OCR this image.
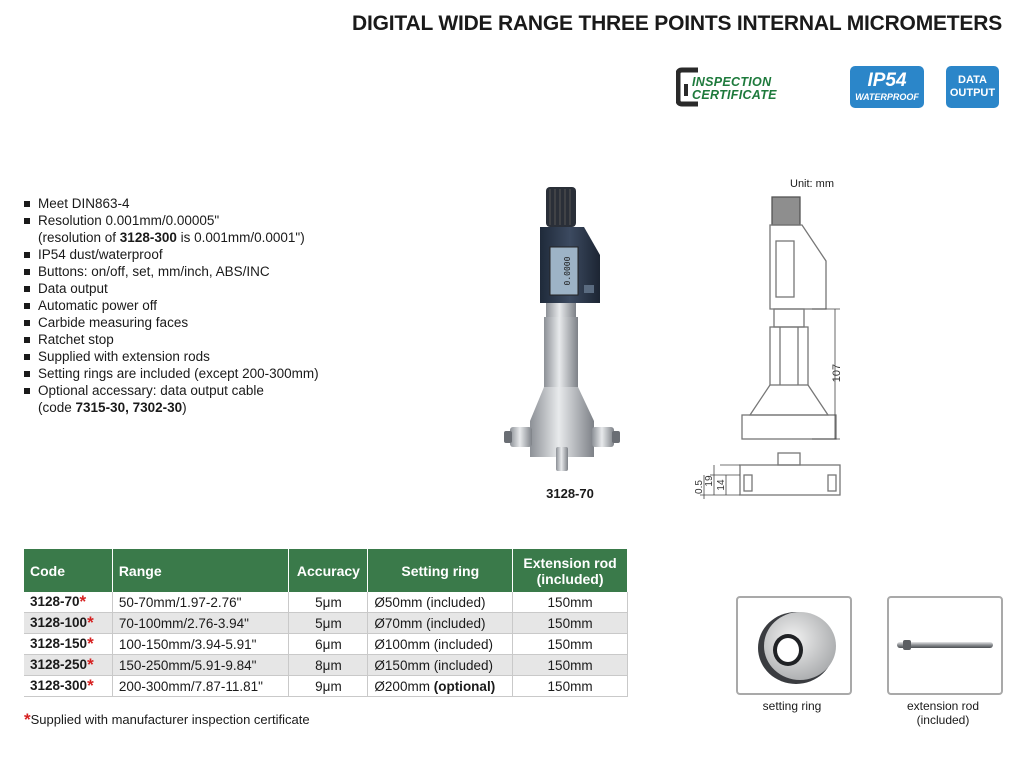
DIGITAL WIDE RANGE THREE POINTS INTERNAL MICROMETERS
INSPECTION
CERTIFICATE
IP54
WATERPROOF
DATA
OUTPUT
Meet DIN863-4
Resolution 0.001mm/0.00005"
(resolution of 3128-300 is 0.001mm/0.0001")
IP54 dust/waterproof
Buttons: on/off, set, mm/inch, ABS/INC
Data output
Automatic power off
Carbide measuring faces
Ratchet stop
Supplied with extension rods
Setting rings are included (except 200-300mm)
Optional accessary: data output cable
(code 7315-30, 7302-30)
0.0000
3128-70
Unit: mm
107
0.5 19 14
Code	Range	Accuracy	Setting ring	Extension rod
(included)

3128-70*	50-70mm/1.97-2.76"	5μm	Ø50mm (included)	150mm
3128-100*	70-100mm/2.76-3.94"	5μm	Ø70mm (included)	150mm
3128-150*	100-150mm/3.94-5.91"	6μm	Ø100mm (included)	150mm
3128-250*	150-250mm/5.91-9.84"	8μm	Ø150mm (included)	150mm
3128-300*	200-300mm/7.87-11.81"	9μm	Ø200mm (optional)	150mm
*Supplied with manufacturer inspection certificate
setting ring	extension rod
(included)
